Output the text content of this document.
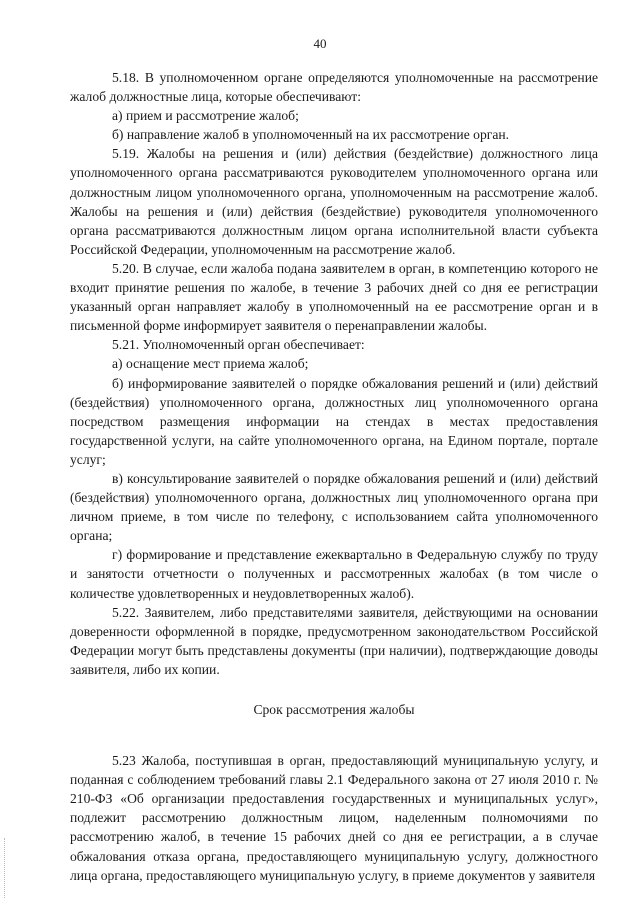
40

5.18. В уполномоченном органе определяются уполномоченные на рассмотрение жалоб должностные лица, которые обеспечивают:

а) прием и рассмотрение жалоб;

б) направление жалоб в уполномоченный на их рассмотрение орган.

5.19. Жалобы на решения и (или) действия (бездействие) должностного лица уполномоченного органа рассматриваются руководителем уполномоченного органа или должностным лицом уполномоченного органа, уполномоченным на рассмотрение жалоб. Жалобы на решения и (или) действия (бездействие) руководителя уполномоченного органа рассматриваются должностным лицом органа исполнительной власти субъекта Российской Федерации, уполномоченным на рассмотрение жалоб.

5.20. В случае, если жалоба подана заявителем в орган, в компетенцию которого не входит принятие решения по жалобе, в течение 3 рабочих дней со дня ее регистрации указанный орган направляет жалобу в уполномоченный на ее рассмотрение орган и в письменной форме информирует заявителя о перенаправлении жалобы.

5.21. Уполномоченный орган обеспечивает:

а) оснащение мест приема жалоб;

б) информирование заявителей о порядке обжалования решений и (или) действий (бездействия) уполномоченного органа, должностных лиц уполномоченного органа посредством размещения информации на стендах в местах предоставления государственной услуги, на сайте уполномоченного органа, на Едином портале, портале услуг;

в) консультирование заявителей о порядке обжалования решений и (или) действий (бездействия) уполномоченного органа, должностных лиц уполномоченного органа при личном приеме, в том числе по телефону, с использованием сайта уполномоченного органа;

г) формирование и представление ежеквартально в Федеральную службу по труду и занятости отчетности о полученных и рассмотренных жалобах (в том числе о количестве удовлетворенных и неудовлетворенных жалоб).

5.22. Заявителем, либо представителями заявителя, действующими на основании доверенности оформленной в порядке, предусмотренном законодательством Российской Федерации могут быть представлены документы (при наличии), подтверждающие доводы заявителя, либо их копии.

Срок рассмотрения жалобы

5.23 Жалоба, поступившая в орган, предоставляющий муниципальную услугу, и поданная с соблюдением требований главы 2.1 Федерального закона от 27 июля 2010 г. № 210-ФЗ «Об организации предоставления государственных и муниципальных услуг», подлежит рассмотрению должностным лицом, наделенным полномочиями по рассмотрению жалоб, в течение 15 рабочих дней со дня ее регистрации, а в случае обжалования отказа органа, предоставляющего муниципальную услугу, должностного лица органа, предоставляющего муниципальную услугу, в приеме документов у заявителя
